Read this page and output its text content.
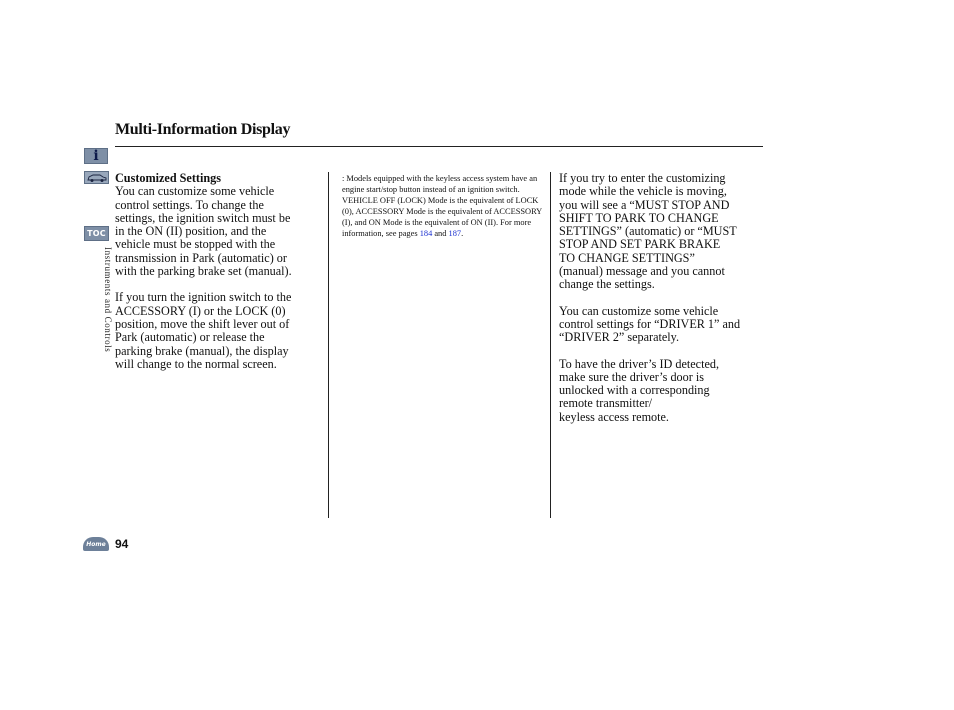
Multi-Information Display
i
TOC
Instruments and Controls

Customized Settings

You can customize some vehicle
control settings. To change the
settings, the ignition switch must be
in the ON (II) position, and the
vehicle must be stopped with the
transmission in Park (automatic) or
with the parking brake set (manual).

If you turn the ignition switch to the
ACCESSORY (I) or the LOCK (0)
position, move the shift lever out of
Park (automatic) or release the
parking brake (manual), the display
will change to the normal screen.

: Models equipped with the keyless access system have an engine start/stop button instead of an ignition switch. VEHICLE OFF (LOCK) Mode is the equivalent of LOCK (0), ACCESSORY Mode is the equivalent of ACCESSORY (I), and ON Mode is the equivalent of ON (II). For more information, see pages 184 and 187.

If you try to enter the customizing
mode while the vehicle is moving,
you will see a “MUST STOP AND
SHIFT TO PARK TO CHANGE
SETTINGS” (automatic) or “MUST
STOP AND SET PARK BRAKE
TO CHANGE SETTINGS”
(manual) message and you cannot
change the settings.

You can customize some vehicle
control settings for “DRIVER 1” and
“DRIVER 2” separately.

To have the driver’s ID detected,
make sure the driver’s door is
unlocked with a corresponding
remote transmitter/
keyless access remote.

Home 94
